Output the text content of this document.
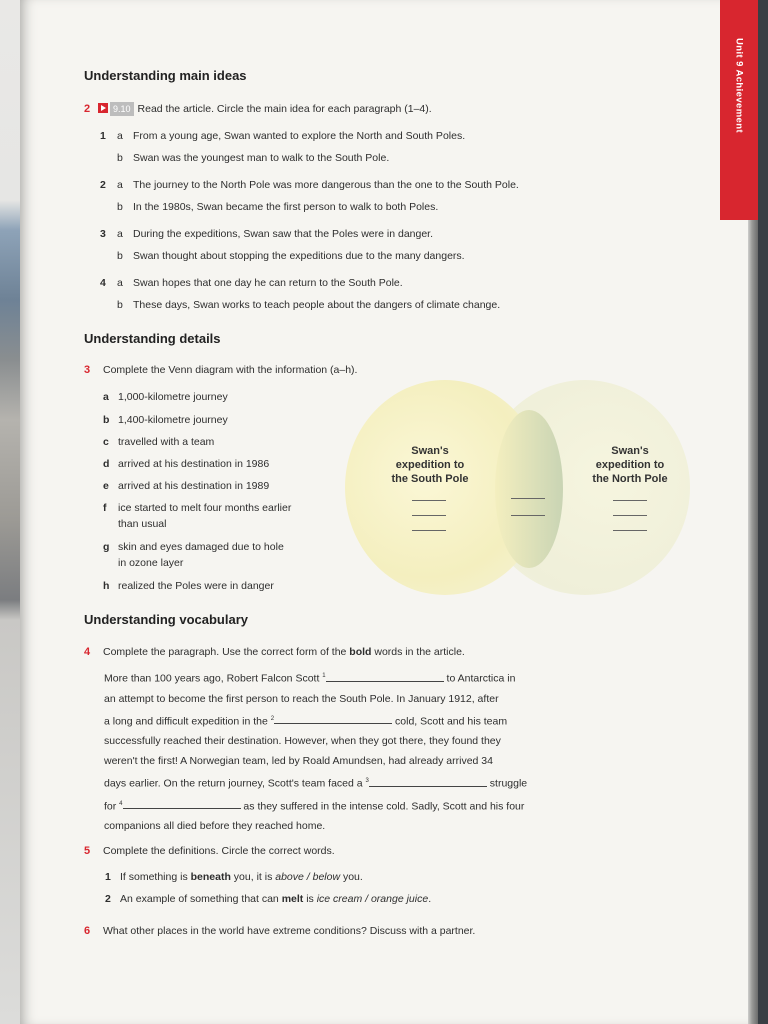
Unit 9 Achievement
Understanding main ideas
2	9.10 Read the article. Circle the main idea for each paragraph (1–4).
1 a From a young age, Swan wanted to explore the North and South Poles.
b Swan was the youngest man to walk to the South Pole.
2 a The journey to the North Pole was more dangerous than the one to the South Pole.
b In the 1980s, Swan became the first person to walk to both Poles.
3 a During the expeditions, Swan saw that the Poles were in danger.
b Swan thought about stopping the expeditions due to the many dangers.
4 a Swan hopes that one day he can return to the South Pole.
b These days, Swan works to teach people about the dangers of climate change.
Understanding details
3 Complete the Venn diagram with the information (a–h).
a 1,000-kilometre journey
b 1,400-kilometre journey
c travelled with a team
d arrived at his destination in 1986
e arrived at his destination in 1989
f ice started to melt four months earlier
than usual
g skin and eyes damaged due to hole
in ozone layer
h realized the Poles were in danger
Swan's
expedition to
the South Pole
Swan's
expedition to
the North Pole
Understanding vocabulary
4 Complete the paragraph. Use the correct form of the bold words in the article.
More than 100 years ago, Robert Falcon Scott $^1$	to Antarctica in
an attempt to become the first person to reach the South Pole. In January 1912, after
a long and difficult expedition in the $^2$	cold, Scott and his team
successfully reached their destination. However, when they got there, they found they
weren't the first! A Norwegian team, led by Roald Amundsen, had already arrived 34
days earlier. On the return journey, Scott's team faced a $^3$	struggle
for $^4$	as they suffered in the intense cold. Sadly, Scott and his four
companions all died before they reached home.
5 Complete the definitions. Circle the correct words.
1 If something is beneath you, it is above / below you.
2 An example of something that can melt is ice cream / orange juice.
6 What other places in the world have extreme conditions? Discuss with a partner.
